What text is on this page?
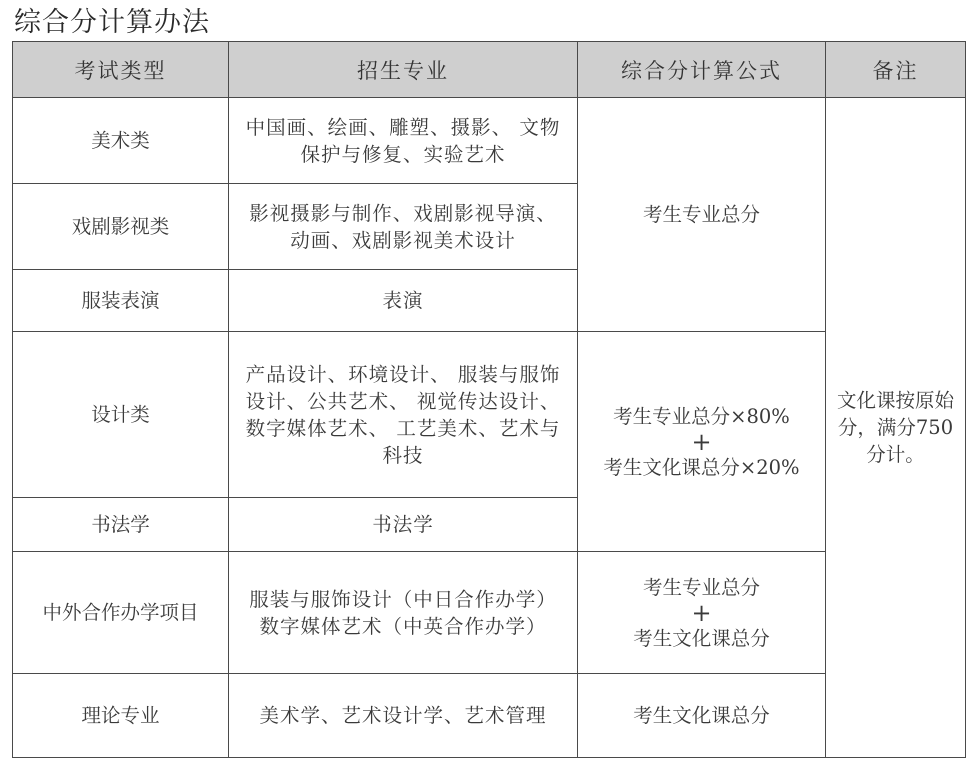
综合分计算办法
考试类型	招生专业	综合分计算公式	备注
美术类	中国画、绘画、雕塑、摄影、 文物保护与修复、实验艺术	考生专业总分	文化课按原始分，满分750分计。
戏剧影视类	影视摄影与制作、戏剧影视导演、 动画、戏剧影视美术设计		
服装表演	表演		
设计类	产品设计、环境设计、 服装与服饰设计、公共艺术、 视觉传达设计、数字媒体艺术、 工艺美术、艺术与科技	考生专业总分×80%
+
考生文化课总分×20%	

书法学	书法学		
中外合作办学项目	服装与服饰设计（中日合作办学） 数字媒体艺术（中英合作办学）	考生专业总分
+
考生文化课总分	

理论专业	美术学、艺术设计学、艺术管理	考生文化课总分	
